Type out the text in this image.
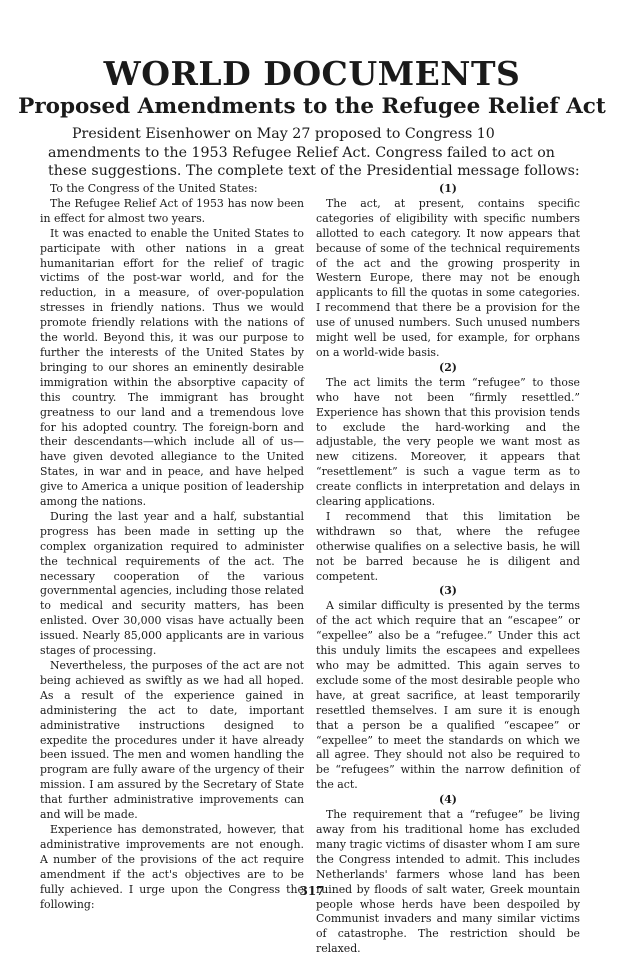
WORLD DOCUMENTS
Proposed Amendments to the Refugee Relief Act

President Eisenhower on May 27 proposed to Congress 10 amendments to the 1953 Refugee Relief Act. Congress failed to act on these suggestions. The complete text of the Presidential message follows:

To the Congress of the United States:

The Refugee Relief Act of 1953 has now been in effect for almost two years.

It was enacted to enable the United States to participate with other nations in a great humanitarian effort for the relief of tragic victims of the post-war world, and for the reduction, in a measure, of over-population stresses in friendly nations. Thus we would promote friendly relations with the nations of the world. Beyond this, it was our purpose to further the interests of the United States by bringing to our shores an eminently desirable immigration within the absorptive capacity of this country. The immigrant has brought greatness to our land and a tremendous love for his adopted country. The foreign-born and their descendants—which include all of us—have given devoted allegiance to the United States, in war and in peace, and have helped give to America a unique position of leadership among the nations.

During the last year and a half, substantial progress has been made in setting up the complex organization required to administer the technical requirements of the act. The necessary cooperation of the various governmental agencies, including those related to medical and security matters, has been enlisted. Over 30,000 visas have actually been issued. Nearly 85,000 applicants are in various stages of processing.

Nevertheless, the purposes of the act are not being achieved as swiftly as we had all hoped. As a result of the experience gained in administering the act to date, important administrative instructions designed to expedite the procedures under it have already been issued. The men and women handling the program are fully aware of the urgency of their mission. I am assured by the Secretary of State that further administrative improvements can and will be made.

Experience has demonstrated, however, that administrative improvements are not enough. A number of the provisions of the act require amendment if the act's objectives are to be fully achieved. I urge upon the Congress the following:

(1)

The act, at present, contains specific categories of eligibility with specific numbers allotted to each category. It now appears that because of some of the technical requirements of the act and the growing prosperity in Western Europe, there may not be enough applicants to fill the quotas in some categories. I recommend that there be a provision for the use of unused numbers. Such unused numbers might well be used, for example, for orphans on a world-wide basis.

(2)

The act limits the term “refugee” to those who have not been “firmly resettled.” Experience has shown that this provision tends to exclude the hard-working and the adjustable, the very people we want most as new citizens. Moreover, it appears that “resettlement” is such a vague term as to create conflicts in interpretation and delays in clearing applications.

I recommend that this limitation be withdrawn so that, where the refugee otherwise qualifies on a selective basis, he will not be barred because he is diligent and competent.

(3)

A similar difficulty is presented by the terms of the act which require that an “escapee” or “expellee” also be a “refugee.” Under this act this unduly limits the escapees and expellees who may be admitted. This again serves to exclude some of the most desirable people who have, at great sacrifice, at least temporarily resettled themselves. I am sure it is enough that a person be a qualified “escapee” or “expellee” to meet the standards on which we all agree. They should not also be required to be “refugees” within the narrow definition of the act.

(4)

The requirement that a “refugee” be living away from his traditional home has excluded many tragic victims of disaster whom I am sure the Congress intended to admit. This includes Netherlands' farmers whose land has been ruined by floods of salt water, Greek mountain people whose herds have been despoiled by Communist invaders and many similar victims of catastrophe. The restriction should be relaxed.

317
